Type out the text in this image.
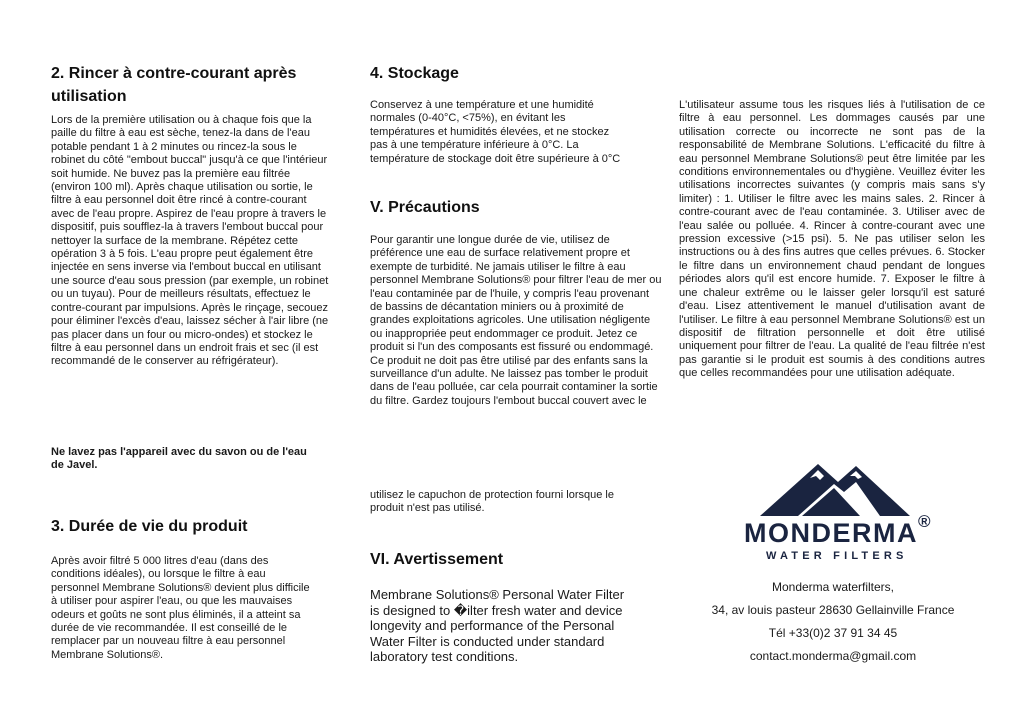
2. Rincer à contre-courant après utilisation

Lors de la première utilisation ou à chaque fois que la paille du filtre à eau est sèche, tenez-la dans de l'eau potable pendant 1 à 2 minutes ou rincez-la sous le robinet du côté "embout buccal" jusqu'à ce que l'intérieur soit humide. Ne buvez pas la première eau filtrée (environ 100 ml). Après chaque utilisation ou sortie, le filtre à eau personnel doit être rincé à contre-courant avec de l'eau propre. Aspirez de l'eau propre à travers le dispositif, puis soufflez-la à travers l'embout buccal pour nettoyer la surface de la membrane. Répétez cette opération 3 à 5 fois. L'eau propre peut également être injectée en sens inverse via l'embout buccal en utilisant une source d'eau sous pression (par exemple, un robinet ou un tuyau). Pour de meilleurs résultats, effectuez le contre-courant par impulsions. Après le rinçage, secouez pour éliminer l'excès d'eau, laissez sécher à l'air libre (ne pas placer dans un four ou micro-ondes) et stockez le filtre à eau personnel dans un endroit frais et sec (il est recommandé de le conserver au réfrigérateur).

Ne lavez pas l'appareil avec du savon ou de l'eau de Javel.

3. Durée de vie du produit

Après avoir filtré 5 000 litres d'eau (dans des conditions idéales), ou lorsque le filtre à eau personnel Membrane Solutions® devient plus difficile à utiliser pour aspirer l'eau, ou que les mauvaises odeurs et goûts ne sont plus éliminés, il a atteint sa durée de vie recommandée. Il est conseillé de le remplacer par un nouveau filtre à eau personnel Membrane Solutions®.

4. Stockage

Conservez à une température et une humidité normales (0-40°C, <75%), en évitant les températures et humidités élevées, et ne stockez pas à une température inférieure à 0°C. La température de stockage doit être supérieure à 0°C

V. Précautions

Pour garantir une longue durée de vie, utilisez de préférence une eau de surface relativement propre et exempte de turbidité. Ne jamais utiliser le filtre à eau personnel Membrane Solutions® pour filtrer l'eau de mer ou l'eau contaminée par de l'huile, y compris l'eau provenant de bassins de décantation miniers ou à proximité de grandes exploitations agricoles. Une utilisation négligente ou inappropriée peut endommager ce produit. Jetez ce produit si l'un des composants est fissuré ou endommagé. Ce produit ne doit pas être utilisé par des enfants sans la surveillance d'un adulte. Ne laissez pas tomber le produit dans de l'eau polluée, car cela pourrait contaminer la sortie du filtre. Gardez toujours l'embout buccal couvert avec le

utilisez le capuchon de protection fourni lorsque le produit n'est pas utilisé.

VI. Avertissement

Membrane Solutions® Personal Water Filter is designed to �ilter fresh water and device longevity and performance of the Personal Water Filter is conducted under standard laboratory test conditions.

L'utilisateur assume tous les risques liés à l'utilisation de ce filtre à eau personnel. Les dommages causés par une utilisation correcte ou incorrecte ne sont pas de la responsabilité de Membrane Solutions. L'efficacité du filtre à eau personnel Membrane Solutions® peut être limitée par les conditions environnementales ou d'hygiène. Veuillez éviter les utilisations incorrectes suivantes (y compris mais sans s'y limiter) : 1. Utiliser le filtre avec les mains sales. 2. Rincer à contre-courant avec de l'eau contaminée. 3. Utiliser avec de l'eau salée ou polluée. 4. Rincer à contre-courant avec une pression excessive (>15 psi). 5. Ne pas utiliser selon les instructions ou à des fins autres que celles prévues. 6. Stocker le filtre dans un environnement chaud pendant de longues périodes alors qu'il est encore humide. 7. Exposer le filtre à une chaleur extrême ou le laisser geler lorsqu'il est saturé d'eau. Lisez attentivement le manuel d'utilisation avant de l'utiliser. Le filtre à eau personnel Membrane Solutions® est un dispositif de filtration personnelle et doit être utilisé uniquement pour filtrer de l'eau. La qualité de l'eau filtrée n'est pas garantie si le produit est soumis à des conditions autres que celles recommandées pour une utilisation adéquate.

MONDERMA®
WATER FILTERS

Monderma waterfilters,

34, av louis pasteur 28630 Gellainville France

Tél +33(0)2 37 91 34 45

contact.monderma@gmail.com
